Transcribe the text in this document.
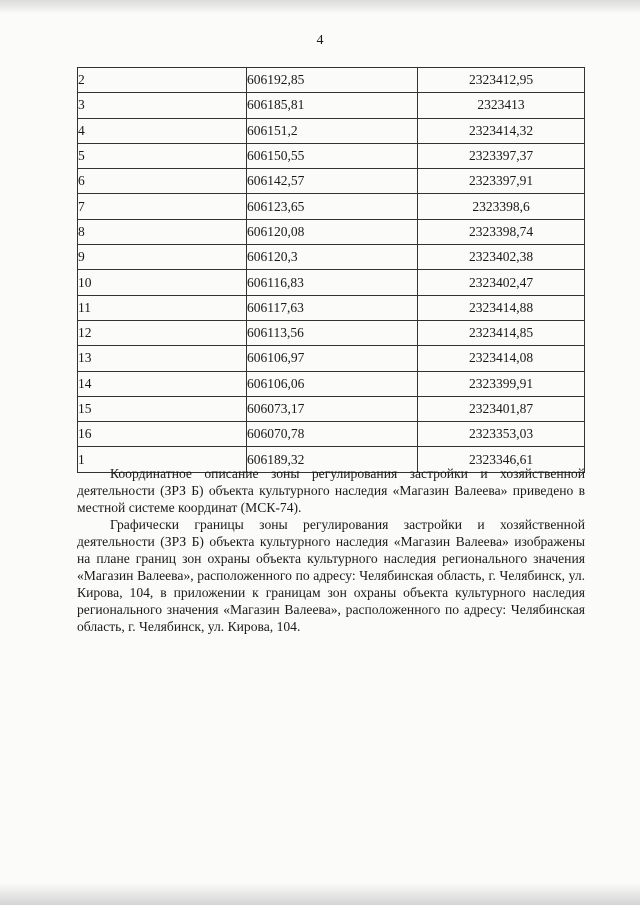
4
2	606192,85	2323412,95
3	606185,81	2323413
4	606151,2	2323414,32
5	606150,55	2323397,37
6	606142,57	2323397,91
7	606123,65	2323398,6
8	606120,08	2323398,74
9	606120,3	2323402,38
10	606116,83	2323402,47
11	606117,63	2323414,88
12	606113,56	2323414,85
13	606106,97	2323414,08
14	606106,06	2323399,91
15	606073,17	2323401,87
16	606070,78	2323353,03
1	606189,32	2323346,61

Координатное описание зоны регулирования застройки и хозяйственной деятельности (ЗРЗ Б) объекта культурного наследия «Магазин Валеева» приведено в местной системе координат (МСК-74).

Графически границы зоны регулирования застройки и хозяйственной деятельности (ЗРЗ Б) объекта культурного наследия «Магазин Валеева» изображены на плане границ зон охраны объекта культурного наследия регионального значения «Магазин Валеева», расположенного по адресу: Челябинская область, г. Челябинск, ул. Кирова, 104, в приложении к границам зон охраны объекта культурного наследия регионального значения «Магазин Валеева», расположенного по адресу: Челябинская область, г. Челябинск, ул. Кирова, 104.
